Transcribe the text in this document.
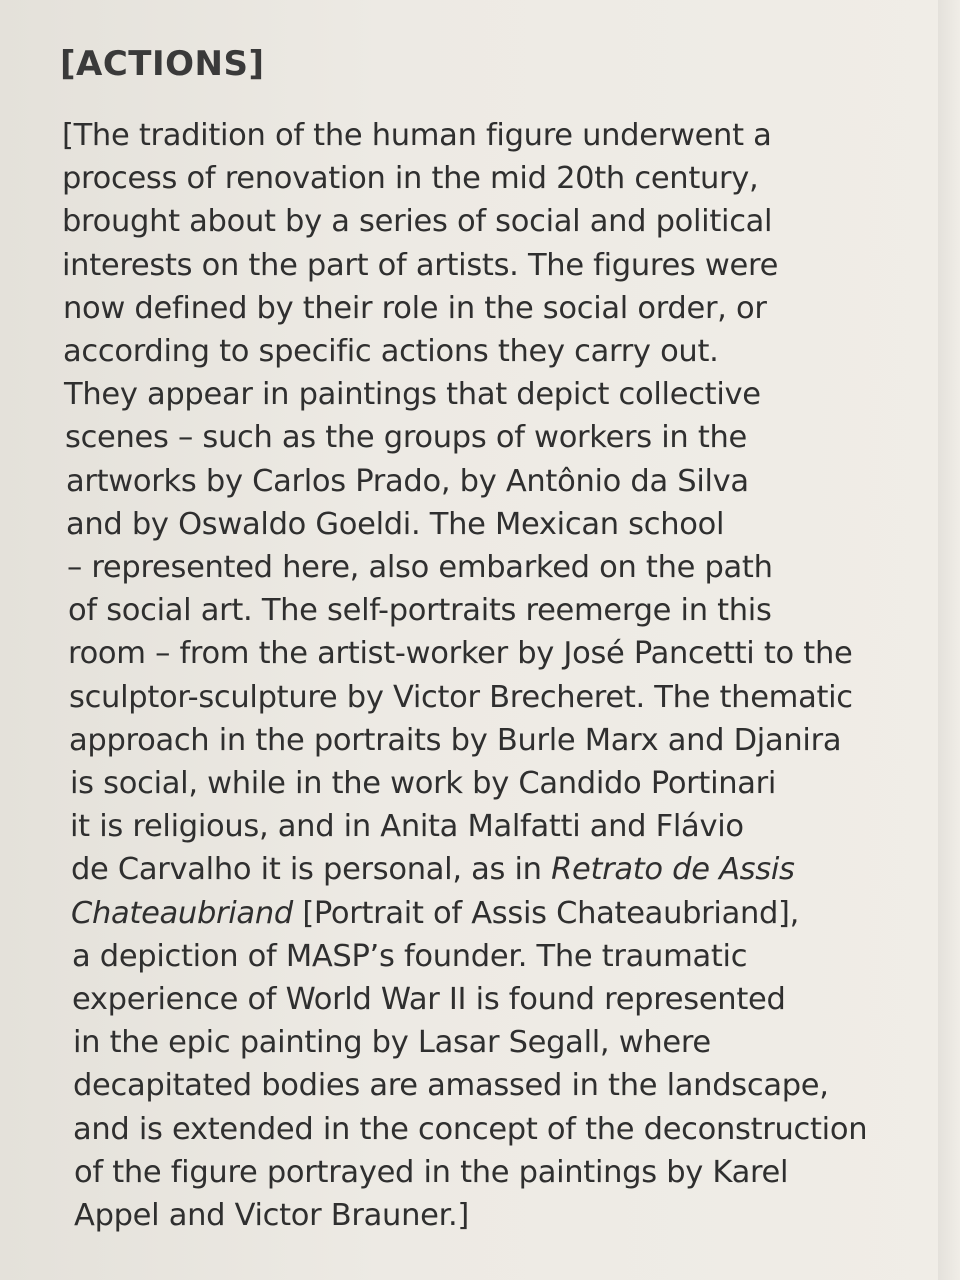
[ACTIONS]

[The tradition of the human figure underwent a
process of renovation in the mid 20th century,
brought about by a series of social and political
interests on the part of artists. The figures were
now defined by their role in the social order, or
according to specific actions they carry out.
They appear in paintings that depict collective
scenes – such as the groups of workers in the
artworks by Carlos Prado, by Antônio da Silva
and by Oswaldo Goeldi. The Mexican school
– represented here, also embarked on the path
of social art. The self-portraits reemerge in this
room – from the artist-worker by José Pancetti to the
sculptor-sculpture by Victor Brecheret. The thematic
approach in the portraits by Burle Marx and Djanira
is social, while in the work by Candido Portinari
it is religious, and in Anita Malfatti and Flávio
de Carvalho it is personal, as in Retrato de Assis
Chateaubriand [Portrait of Assis Chateaubriand],
a depiction of MASP’s founder. The traumatic
experience of World War II is found represented
in the epic painting by Lasar Segall, where
decapitated bodies are amassed in the landscape,
and is extended in the concept of the deconstruction
of the figure portrayed in the paintings by Karel
Appel and Victor Brauner.]
